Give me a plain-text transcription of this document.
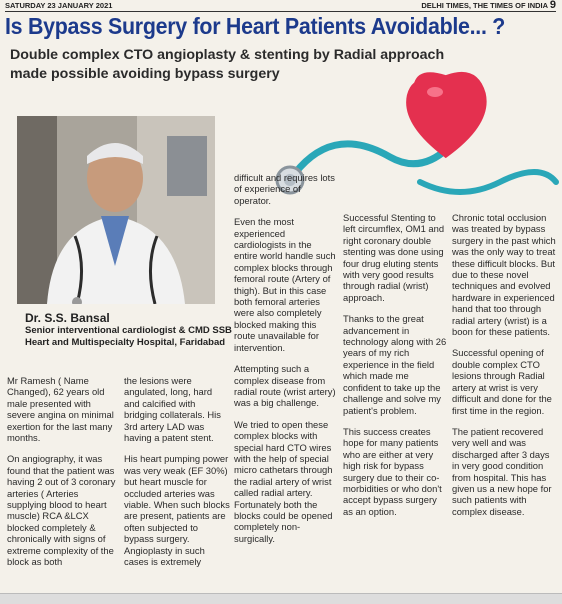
SATURDAY 23 JANUARY 2021	DELHI TIMES, THE TIMES OF INDIA 9
Is Bypass Surgery for Heart Patients Avoidable... ?
Double complex CTO angioplasty & stenting by Radial approach made possible avoiding bypass surgery
Dr. S.S. Bansal
Senior interventional cardiologist & CMD SSB Heart and Multispecialty Hospital, Faridabad

Mr Ramesh ( Name Changed), 62 years old male presented with severe angina on minimal exertion for the last many months.

On angiography, it was found that the patient was having 2 out of 3 coronary arteries ( Arteries supplying blood to heart muscle) RCA &LCX blocked completely & chronically with signs of extreme complexity of the block as both

the lesions were angulated, long, hard and calcified with bridging collaterals. His 3rd artery LAD was having a patent stent.

His heart pumping power was very weak (EF 30%) but heart muscle for occluded arteries was viable. When such blocks are present, patients are often subjected to bypass surgery. Angioplasty in such cases is extremely

difficult and requires lots of experience of operator.

Even the most experienced cardiologists in the entire world handle such complex blocks through femoral route (Artery of thigh). But in this case both femoral arteries were also completely blocked making this route unavailable for intervention.

Attempting such a complex disease from radial route (wrist artery) was a big challenge.

We tried to open these complex blocks with special hard CTO wires with the help of special micro cathetars through the radial artery of wrist called radial artery. Fortunately both the blocks could be opened completely non-surgically.

Successful Stenting to left circumflex, OM1 and right coronary double stenting was done using four drug eluting stents with very good results through radial (wrist) approach.

Thanks to the great advancement in technology along with 26 years of my rich experience in the field which made me confident to take up the challenge and solve my patient's problem.

This success creates hope for many patients who are either at very high risk for bypass surgery due to their co-morbidities or who don't accept bypass surgery as an option.

Chronic total occlusion was treated by bypass surgery in the past which was the only way to treat these difficult blocks. But due to these novel techniques and evolved hardware in experienced hand that too through radial artery (wrist) is a boon for these patients.

Successful opening of double complex CTO lesions through Radial artery at wrist is very difficult and done for the first time in the region.

The patient recovered very well and was discharged after 3 days in very good condition from hospital. This has given us a new hope for such patients with complex disease.
